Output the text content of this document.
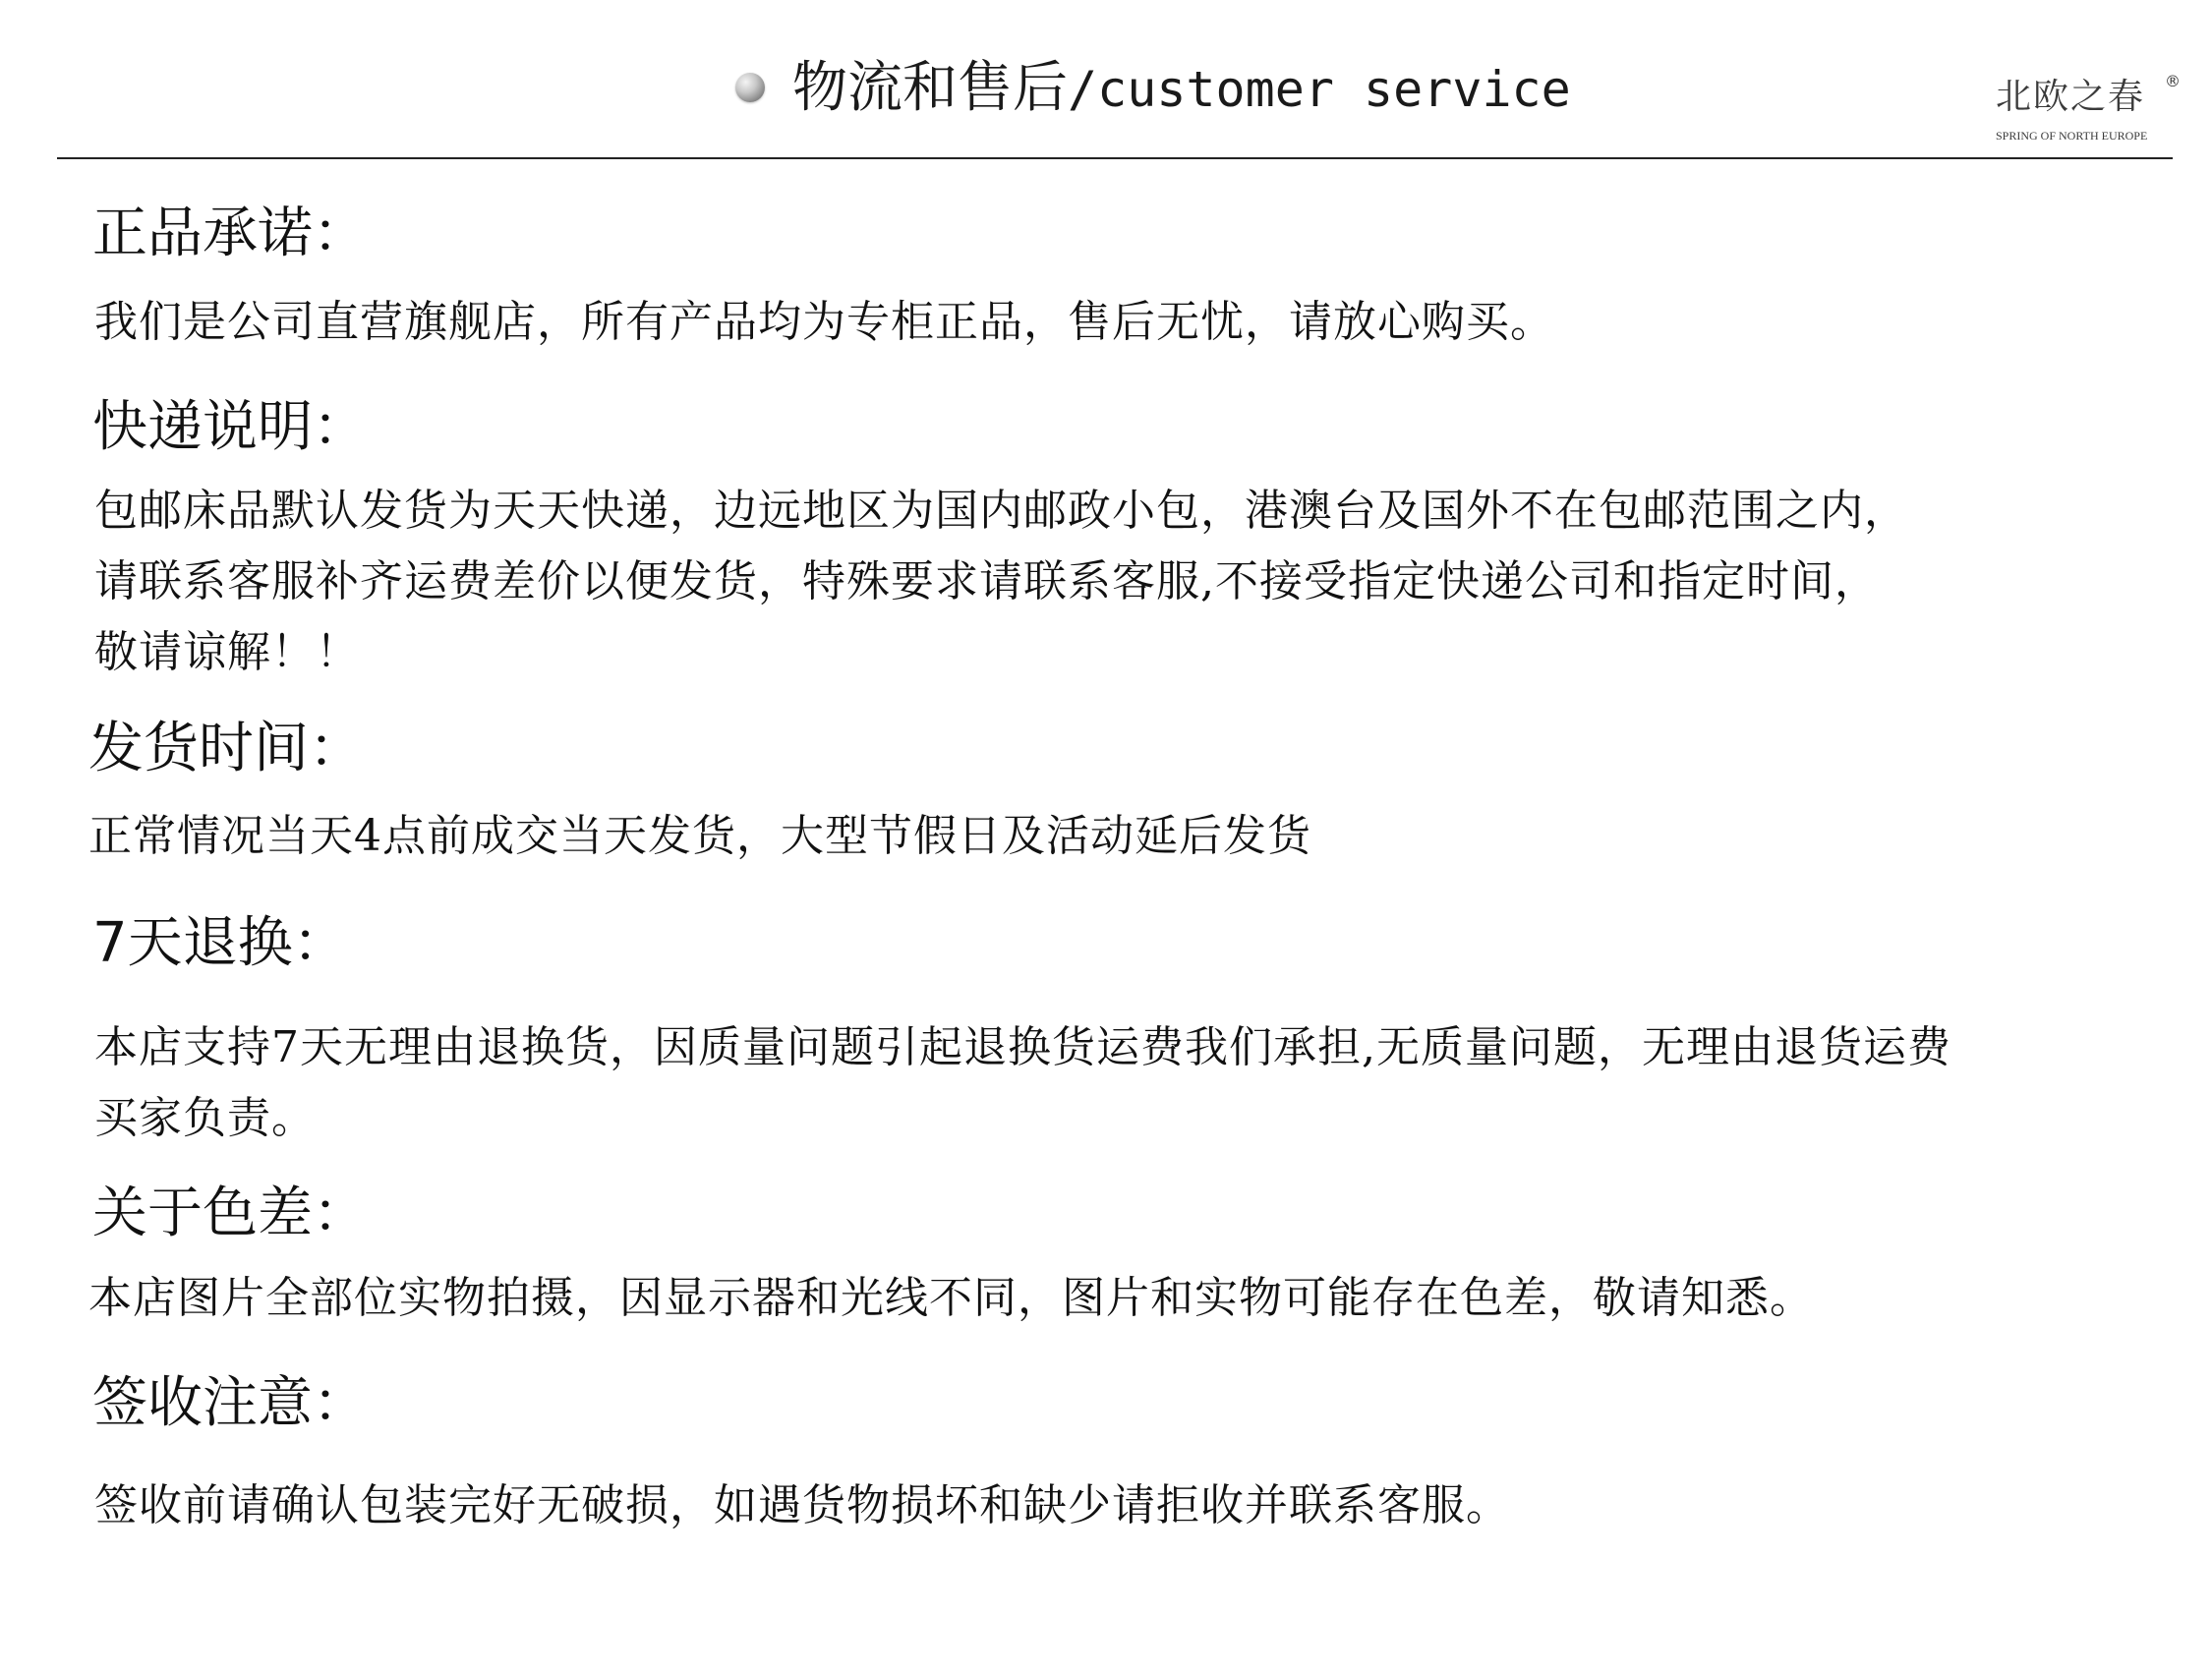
物流和售后/customer service	北欧之春 ®
SPRING OF NORTH EUROPE
正品承诺：

我们是公司直营旗舰店，所有产品均为专柜正品，售后无忧，请放心购买。

快递说明：

包邮床品默认发货为天天快递，边远地区为国内邮政小包，港澳台及国外不在包邮范围之内，
请联系客服补齐运费差价以便发货，特殊要求请联系客服,不接受指定快递公司和指定时间，
敬请谅解！！

发货时间：

正常情况当天4点前成交当天发货，大型节假日及活动延后发货

7天退换：

本店支持7天无理由退换货，因质量问题引起退换货运费我们承担,无质量问题，无理由退货运费
买家负责。

关于色差：

本店图片全部位实物拍摄，因显示器和光线不同，图片和实物可能存在色差，敬请知悉。

签收注意：

签收前请确认包装完好无破损，如遇货物损坏和缺少请拒收并联系客服。
